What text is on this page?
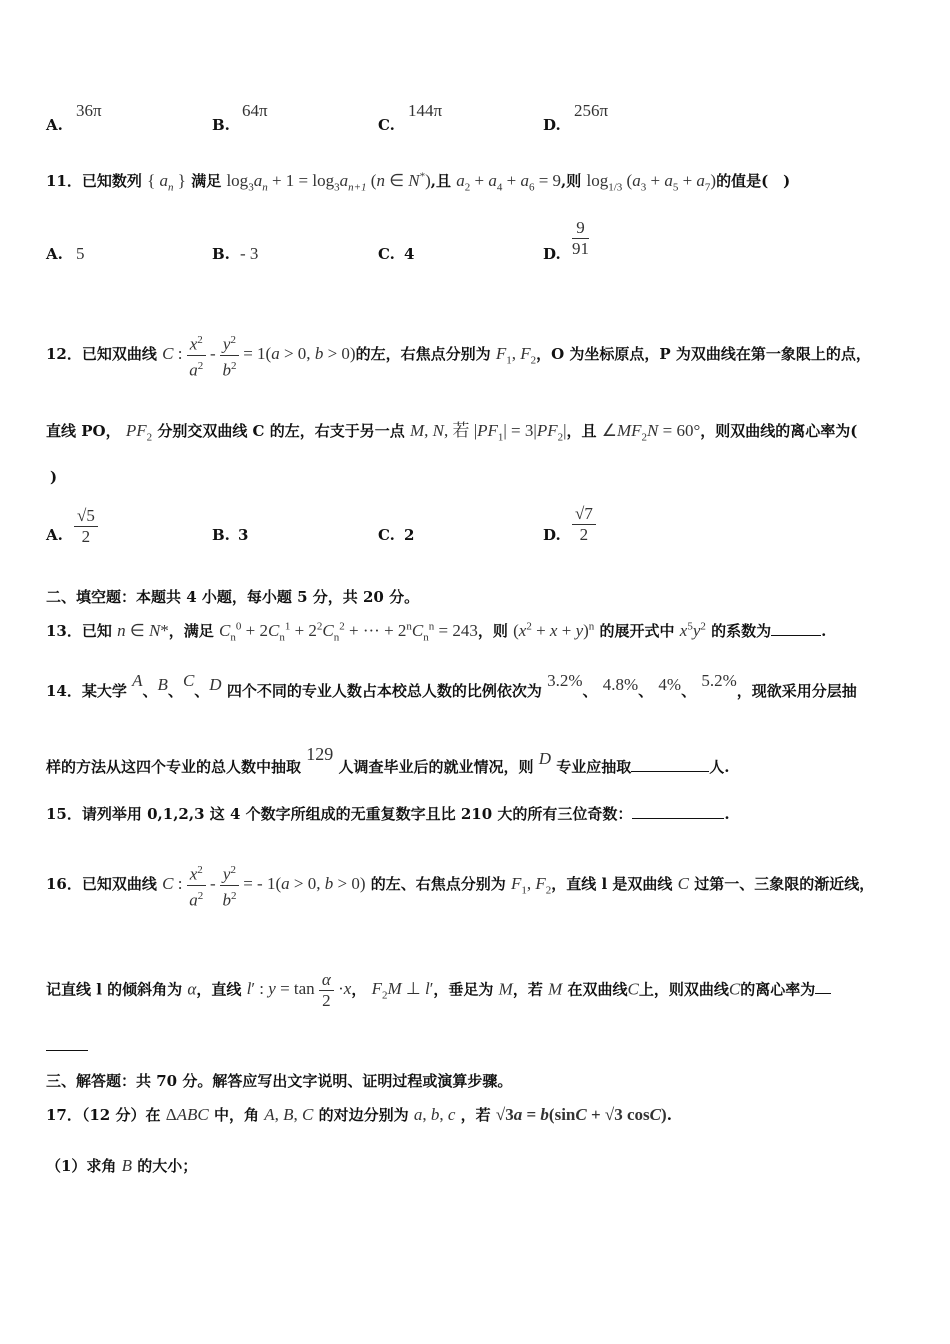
A.
36π
B.
64π
C.
144π
D.
256π
11．已知数列 { $a_n$ } 满足 $\log_3a_n + 1 = \log_3a_{n+1}$ (n ∈ N*),且 $a_2 + a_4 + a_6 = 9$,则 $\log_{1/3} (a_3 + a_5 + a_7)$的值是(　)
A. 5	B. - 3	C. 4	D. $\frac{9}{91}$
12．已知双曲线 C : $\frac{x^2}{a^2} - \frac{y^2}{b^2} = 1(a > 0$, b > 0)的左，右焦点分别为 $F_1$, $F_2$，O 为坐标原点，P 为双曲线在第一象限上的点，
直线 PO， $PF_2$ 分别交双曲线 C 的左，右支于另一点 M, N, 若 $|PF_1| = 3|PF_2|$，且 $\angle MF_2N = 60^\circ$，则双曲线的离心率为(
)
A. $\frac{√5}{2}$	B. 3	C. 2	D. $\frac{√7}{2}$
二、填空题：本题共 4 小题，每小题 5 分，共 20 分。
13．已知 n ∈ N*，满足 $C_n^0 + 2C_n^1 + 2^2C_n^2$ + ··· + $2^nC_n^n = 243$，则 $(x^2 + x + y)^n$ 的展开式中 $x^5y^2$ 的系数为	.
14．某大学 A、B、C、D 四个不同的专业人数占本校总人数的比例依次为 3.2%、 4.8%、 4%、 5.2%，现欲采用分层抽
样的方法从这四个专业的总人数中抽取 129 人调查毕业后的就业情况，则 D 专业应抽取	人.
15．请列举用 0,1,2,3 这 4 个数字所组成的无重复数字且比 210 大的所有三位奇数：	.
16．已知双曲线 C : $\frac{x^2}{a^2} - \frac{y^2}{b^2}$ = - 1(a > 0, b > 0) 的左、右焦点分别为 $F_1$, $F_2$，直线 l 是双曲线 C 过第一、三象限的渐近线，
记直线 l 的倾斜角为 α，直线 l′ : $y = \tan \frac{\alpha}{2} \cdot x$， $F_2M$ ⊥ l′，垂足为 M，若 M 在双曲线C上，则双曲线C的离心率为
三、解答题：共 70 分。解答应写出文字说明、证明过程或演算步骤。
17．（12 分）在 ΔABC 中，角 A, B, C 的对边分别为 a, b, c ，若 √3a = b(sinC + √3 cosC).
（1）求角 B 的大小；
